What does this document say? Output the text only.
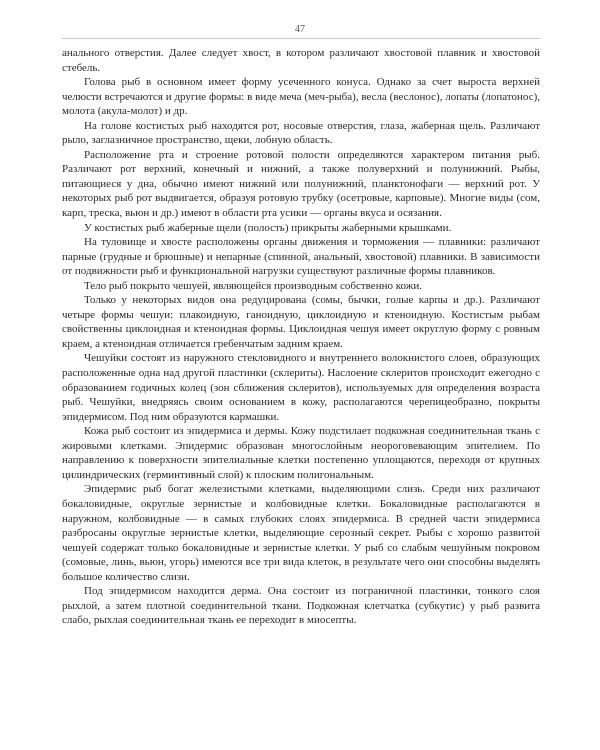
47

анального отверстия. Далее следует хвост, в котором различают хвостовой плавник и хвостовой стебель.

Голова рыб в основном имеет форму усеченного конуса. Однако за счет выроста верхней челюсти встречаются и другие формы: в виде меча (меч-рыба), весла (веслонос), лопаты (лопатонос), молота (акула-молот) и др.

На голове костистых рыб находятся рот, носовые отверстия, глаза, жаберная щель. Различают рыло, заглазничное пространство, щеки, лобную область.

Расположение рта и строение ротовой полости определяются характером питания рыб. Различают рот верхний, конечный и нижний, а также полуверхний и полунижний. Рыбы, питающиеся у дна, обычно имеют нижний или полунижний, планктонофаги — верхний рот. У некоторых рыб рот выдвигается, образуя ротовую трубку (осетровые, карповые). Многие виды (сом, карп, треска, вьюн и др.) имеют в области рта усики — органы вкуса и осязания.

У костистых рыб жаберные щели (полость) прикрыты жаберными крышками.

На туловище и хвосте расположены органы движения и торможения — плавники: различают парные (грудные и брюшные) и непарные (спинной, анальный, хвостовой) плавники. В зависимости от подвижности рыб и функциональной нагрузки существуют различные формы плавников.

Тело рыб покрыто чешуей, являющейся производным собственно кожи.

Только у некоторых видов она редуцирована (сомы, бычки, голые карпы и др.). Различают четыре формы чешуи: плакоидную, ганоидную, циклоидную и ктеноидную. Костистым рыбам свойственны циклоидная и ктеноидная формы. Циклоидная чешуя имеет округлую форму с ровным краем, а ктеноидная отличается гребенчатым задним краем.

Чешуйки состоят из наружного стекловидного и внутреннего волокнистого слоев, образующих расположенные одна над другой пластинки (склериты). Наслоение склеритов происходит ежегодно с образованием годичных колец (зон сближения склеритов), используемых для определения возраста рыб. Чешуйки, внедряясь своим основанием в кожу, располагаются черепицеобразно, покрыты эпидермисом. Под ним образуются кармашки.

Кожа рыб состоит из эпидермиса и дермы. Кожу подстилает подкожная соединительная ткань с жировыми клетками. Эпидермис образован многослойным неороговевающим эпителием. По направлению к поверхности эпителиальные клетки постепенно уплощаются, переходя от крупных цилиндрических (герминтивный слой) к плоским полигональным.

Эпидермис рыб богат железистыми клетками, выделяющими слизь. Среди них различают бокаловидные, округлые зернистые и колбовидные клетки. Бокаловидные располагаются в наружном, колбовидные — в самых глубоких слоях эпидермиса. В средней части эпидермиса разбросаны округлые зернистые клетки, выделяющие серозный секрет. Рыбы с хорошо развитой чешуей содержат только бокаловидные и зернистые клетки. У рыб со слабым чешуйным покровом (сомовые, линь, вьюн, угорь) имеются все три вида клеток, в результате чего они способны выделять большое количество слизи.

Под эпидермисом находится дерма. Она состоит из пограничной пластинки, тонкого слоя рыхлой, а затем плотной соединительной ткани. Подкожная клетчатка (субкутис) у рыб развита слабо, рыхлая соединительная ткань ее переходит в миосепты.
